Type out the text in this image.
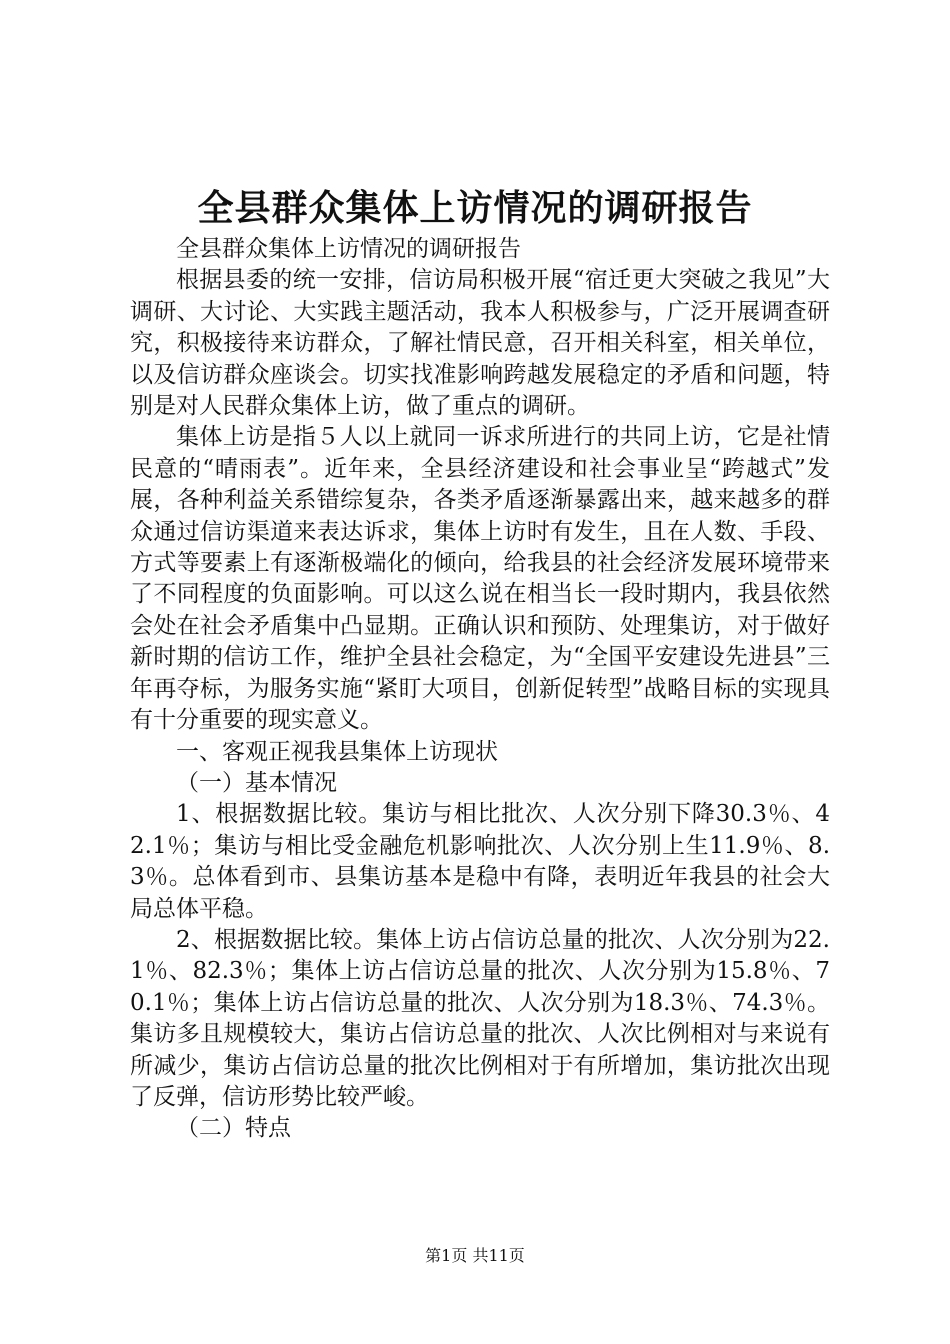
全县群众集体上访情况的调研报告

全县群众集体上访情况的调研报告

根据县委的统一安排，信访局积极开展“宿迁更大突破之我见”大调研、大讨论、大实践主题活动，我本人积极参与，广泛开展调查研究，积极接待来访群众，了解社情民意，召开相关科室，相关单位，以及信访群众座谈会。切实找准影响跨越发展稳定的矛盾和问题，特别是对人民群众集体上访，做了重点的调研。

集体上访是指５人以上就同一诉求所进行的共同上访，它是社情民意的“晴雨表”。近年来，全县经济建设和社会事业呈“跨越式”发展，各种利益关系错综复杂，各类矛盾逐渐暴露出来，越来越多的群众通过信访渠道来表达诉求，集体上访时有发生，且在人数、手段、方式等要素上有逐渐极端化的倾向，给我县的社会经济发展环境带来了不同程度的负面影响。可以这么说在相当长一段时期内，我县依然会处在社会矛盾集中凸显期。正确认识和预防、处理集访，对于做好新时期的信访工作，维护全县社会稳定，为“全国平安建设先进县”三年再夺标，为服务实施“紧盯大项目，创新促转型”战略目标的实现具有十分重要的现实意义。

一、客观正视我县集体上访现状

（一）基本情况

1、根据数据比较。集访与相比批次、人次分别下降30.3％、42.1％；集访与相比受金融危机影响批次、人次分别上生11.9％、8.3％。总体看到市、县集访基本是稳中有降，表明近年我县的社会大局总体平稳。

2、根据数据比较。集体上访占信访总量的批次、人次分别为22.1％、82.3％；集体上访占信访总量的批次、人次分别为15.8％、70.1％；集体上访占信访总量的批次、人次分别为18.3％、74.3％。集访多且规模较大，集访占信访总量的批次、人次比例相对与来说有所减少，集访占信访总量的批次比例相对于有所增加，集访批次出现了反弹，信访形势比较严峻。

（二）特点

第1页 共11页
